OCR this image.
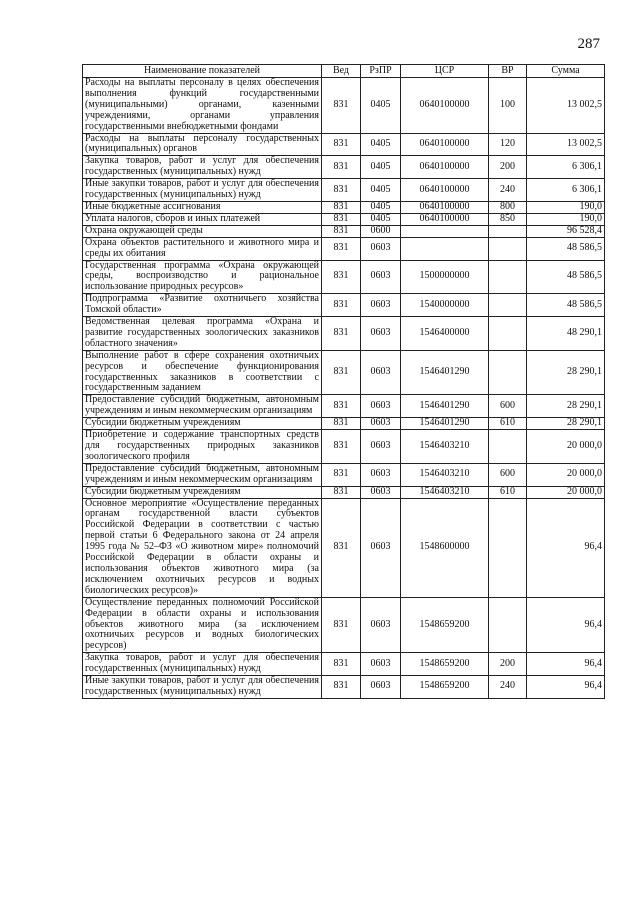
287
Наименование показателей	Вед	РзПР	ЦСР	ВР	Сумма
Расходы на выплаты персоналу в целях обеспечения выполнения функций государственными (муниципальными) органами, казенными учреждениями, органами управления государственными внебюджетными фондами	831	0405	0640100000	100	13 002,5
Расходы на выплаты персоналу государственных (муниципальных) органов	831	0405	0640100000	120	13 002,5
Закупка товаров, работ и услуг для обеспечения государственных (муниципальных) нужд	831	0405	0640100000	200	6 306,1
Иные закупки товаров, работ и услуг для обеспечения государственных (муниципальных) нужд	831	0405	0640100000	240	6 306,1
Иные бюджетные ассигнования	831	0405	0640100000	800	190,0
Уплата налогов, сборов и иных платежей	831	0405	0640100000	850	190,0
Охрана окружающей среды	831	0600			96 528,4
Охрана объектов растительного и животного мира и среды их обитания	831	0603			48 586,5
Государственная программа «Охрана окружающей среды, воспроизводство и рациональное использование природных ресурсов»	831	0603	1500000000		48 586,5
Подпрограмма «Развитие охотничьего хозяйства Томской области»	831	0603	1540000000		48 586,5
Ведомственная целевая программа «Охрана и развитие государственных зоологических заказников областного значения»	831	0603	1546400000		48 290,1
Выполнение работ в сфере сохранения охотничьих ресурсов и обеспечение функционирования государственных заказников в соответствии с государственным заданием	831	0603	1546401290		28 290,1
Предоставление субсидий бюджетным, автономным учреждениям и иным некоммерческим организациям	831	0603	1546401290	600	28 290,1
Субсидии бюджетным учреждениям	831	0603	1546401290	610	28 290,1
Приобретение и содержание транспортных средств для государственных природных заказников зоологического профиля	831	0603	1546403210		20 000,0
Предоставление субсидий бюджетным, автономным учреждениям и иным некоммерческим организациям	831	0603	1546403210	600	20 000,0
Субсидии бюджетным учреждениям	831	0603	1546403210	610	20 000,0
Основное мероприятие «Осуществление переданных органам государственной власти субъектов Российской Федерации в соответствии с частью первой статьи 6 Федерального закона от 24 апреля 1995 года № 52–ФЗ «О животном мире» полномочий Российской Федерации в области охраны и использования объектов животного мира (за исключением охотничьих ресурсов и водных биологических ресурсов)»	831	0603	1548600000		96,4
Осуществление переданных полномочий Российской Федерации в области охраны и использования объектов животного мира (за исключением охотничьих ресурсов и водных биологических ресурсов)	831	0603	1548659200		96,4
Закупка товаров, работ и услуг для обеспечения государственных (муниципальных) нужд	831	0603	1548659200	200	96,4
Иные закупки товаров, работ и услуг для обеспечения государственных (муниципальных) нужд	831	0603	1548659200	240	96,4
